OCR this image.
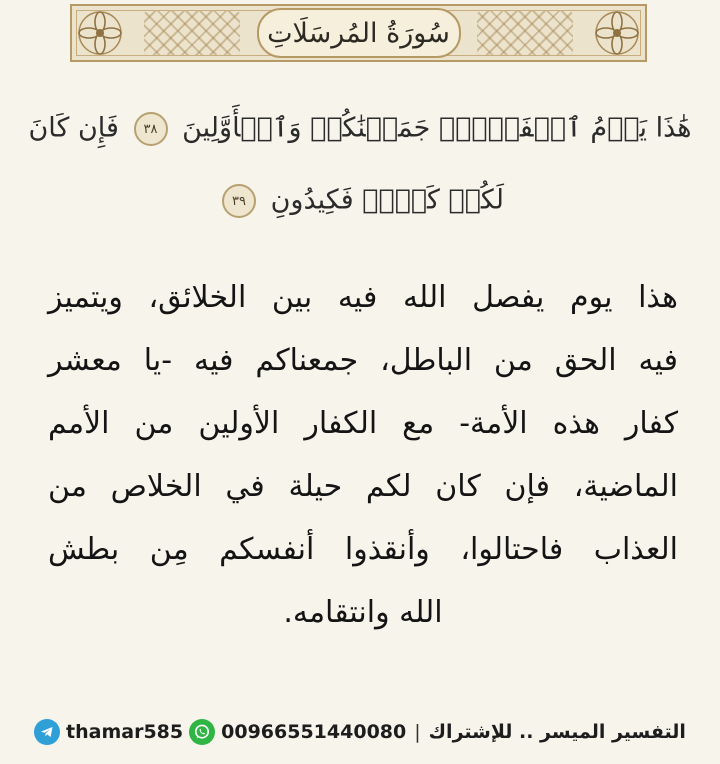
سُورَةُ المُرسَلَاتِ
هَٰذَا يَوۡمُ ٱلۡفَصۡلِۖ جَمَعۡنَٰكُمۡ وَٱلۡأَوَّلِينَ ٣٨ فَإِن كَانَ
لَكُمۡ كَيۡدٞ فَكِيدُونِ ٣٩
هذا يوم يفصل الله فيه بين الخلائق، ويتميز
فيه الحق من الباطل، جمعناكم فيه -يا معشر
كفار هذه الأمة- مع الكفار الأولين من الأمم
الماضية، فإن كان لكم حيلة في الخلاص من
العذاب فاحتالوا، وأنقذوا أنفسكم مِن بطش
الله وانتقامه.
thamar585 00966551440080 | التفسير الميسر .. للإشتراك
